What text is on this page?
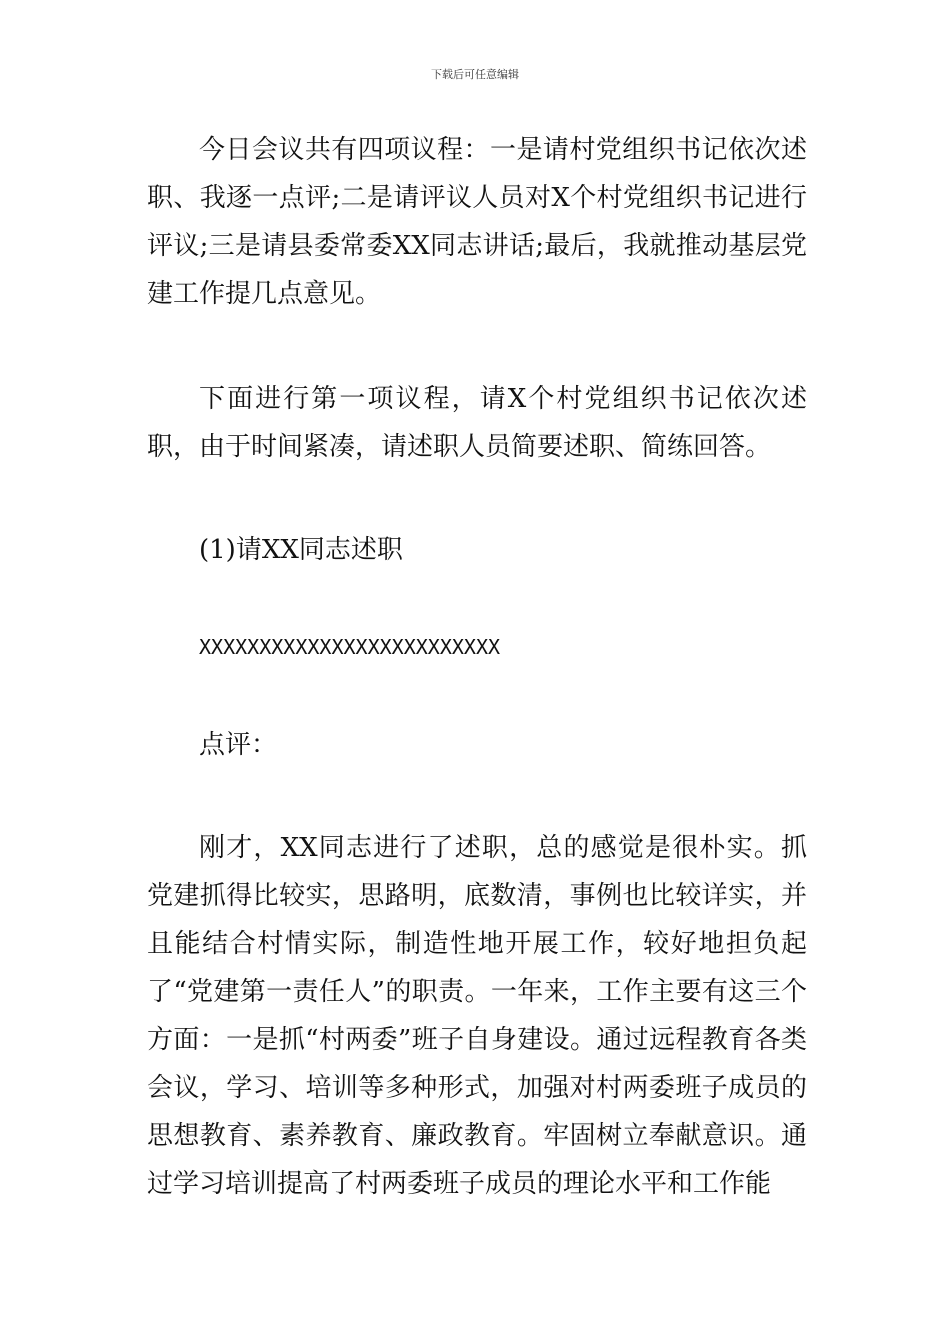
下载后可任意编辑
今日会议共有四项议程：一是请村党组织书记依次述职、我逐一点评;二是请评议人员对X个村党组织书记进行评议;三是请县委常委XX同志讲话;最后，我就推动基层党建工作提几点意见。
下面进行第一项议程，请X个村党组织书记依次述职，由于时间紧凑，请述职人员简要述职、简练回答。
(1)请XX同志述职
XXXXXXXXXXXXXXXXXXXXXXXXX
点评：
刚才，XX同志进行了述职，总的感觉是很朴实。抓党建抓得比较实，思路明，底数清，事例也比较详实，并且能结合村情实际，制造性地开展工作，较好地担负起了“党建第一责任人”的职责。一年来，工作主要有这三个方面：一是抓“村两委”班子自身建设。通过远程教育各类会议，学习、培训等多种形式，加强对村两委班子成员的思想教育、素养教育、廉政教育。牢固树立奉献意识。通过学习培训提高了村两委班子成员的理论水平和工作能
